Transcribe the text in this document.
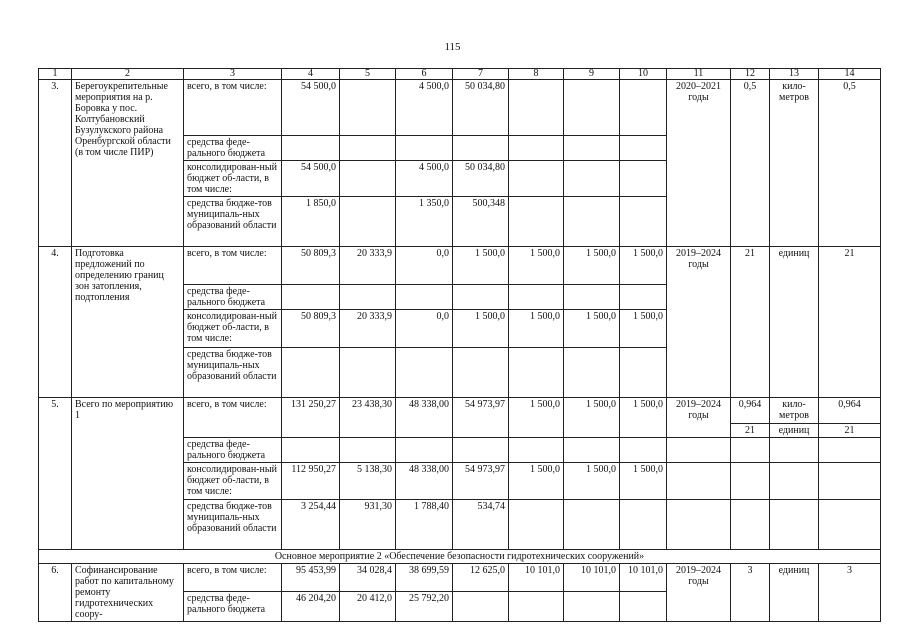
115
1	2	3	4	5	6	7	8	9	10	11	12	13	14
3.	Берегоукрепительные мероприятия на р. Боровка у пос. Колтубановский Бузулукского района Оренбургской области (в том числе ПИР)	всего, в том числе:	54 500,0		4 500,0	50 034,80				2020–2021 годы	0,5	кило-метров	0,5
		средства феде-ральнoго бюджета											
		консолидирован-ный бюджет об-ласти, в том числе:	54 500,0		4 500,0	50 034,80							
		средства бюдже-тов муниципаль-ных образований области	1 850,0		1 350,0	500,348							
4.	Подготовка предложений по определению границ зон затопления, подтопления	всего, в том числе:	50 809,3	20 333,9	0,0	1 500,0	1 500,0	1 500,0	1 500,0	2019–2024 годы	21	единиц	21
		средства феде-ральнoго бюджета											
		консолидирован-ный бюджет об-ласти, в том числе:	50 809,3	20 333,9	0,0	1 500,0	1 500,0	1 500,0	1 500,0				
		средства бюдже-тов муниципаль-ных образований области											
5.	Всего по мероприятию 1	всего, в том числе:	131 250,27	23 438,30	48 338,00	54 973,97	1 500,0	1 500,0	1 500,0	2019–2024 годы	0,964	кило-метров	0,964
											21	единиц	21
		средства феде-ральнoго бюджета											
		консолидирован-ный бюджет об-ласти, в том числе:	112 950,27	5 138,30	48 338,00	54 973,97	1 500,0	1 500,0	1 500,0				
		средства бюдже-тов муниципаль-ных образований области	3 254,44	931,30	1 788,40	534,74							
Основное мероприятие 2 «Обеспечение безопасности гидротехнических сооружений»													
6.	Софинансирование работ по капитальному ремонту гидротехнических соору-	всего, в том числе:	95 453,99	34 028,4	38 699,59	12 625,0	10 101,0	10 101,0	10 101,0	2019–2024 годы	3	единиц	3
		средства феде-ральнoго бюджета	46 204,20	20 412,0	25 792,20								
